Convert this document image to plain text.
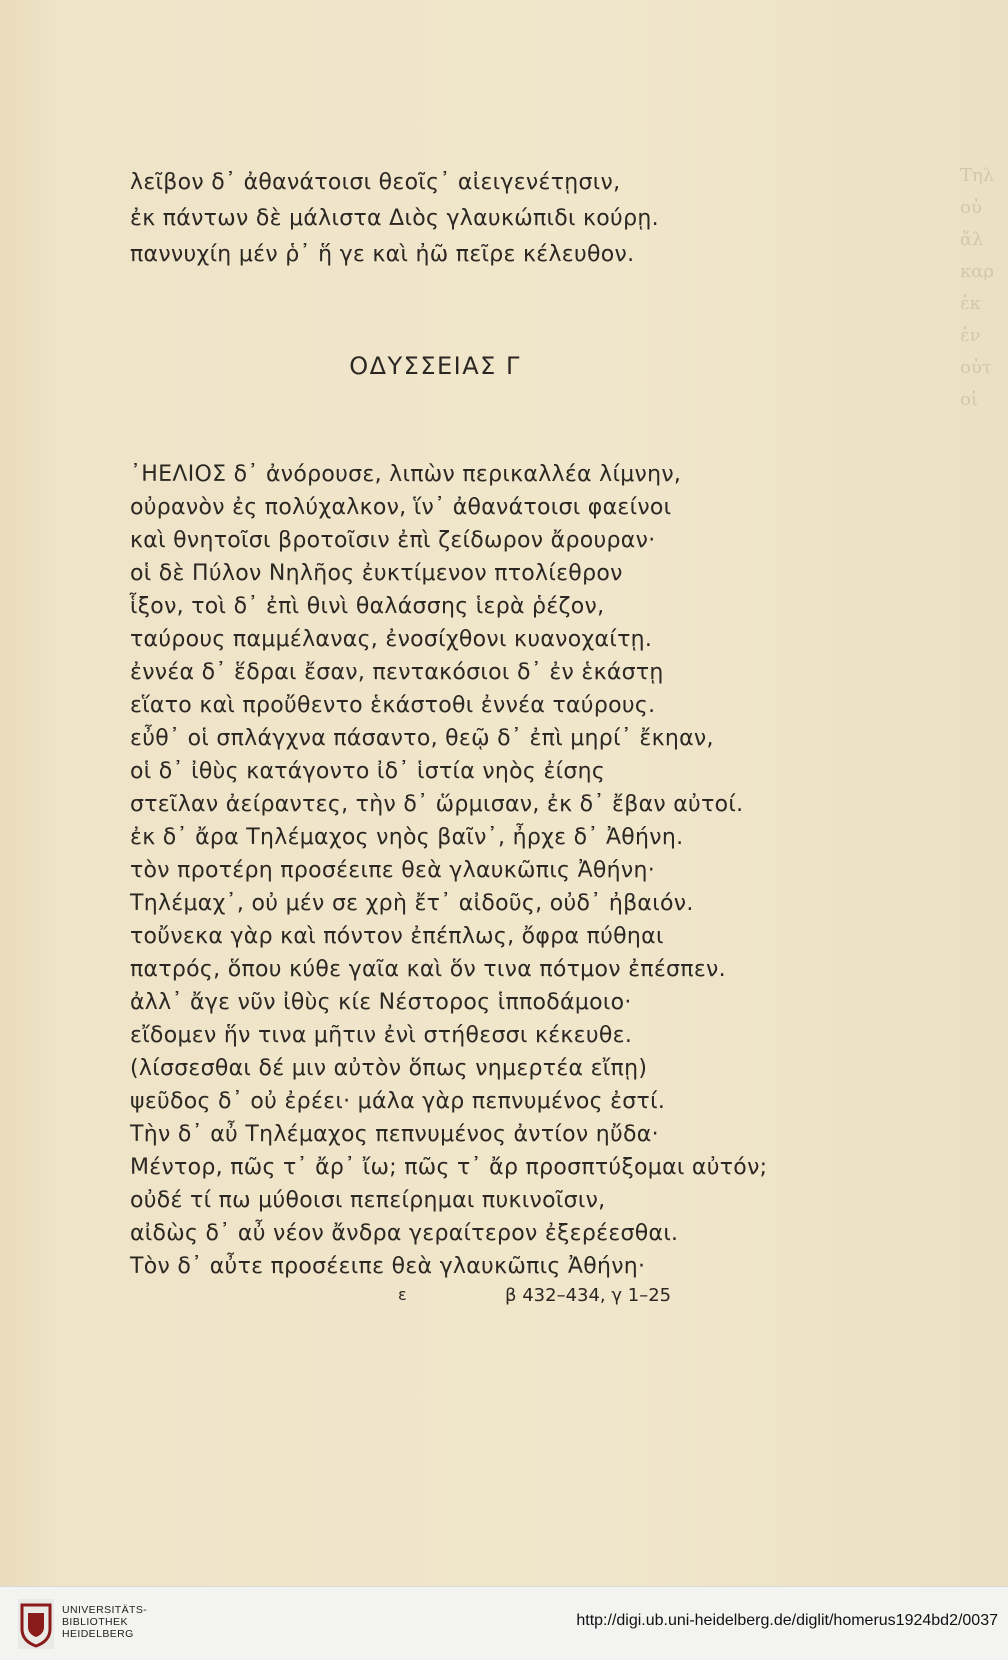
Τηλ
οὐ
ἄλ
καρ
ἐκ
ἐν
οὐτ
οἱ

λεῖβον δ᾿ ἀθανάτοισι θεοῖς᾿ αἰειγενέτῃσιν,

ἐκ πάντων δὲ μάλιστα Διὸς γλαυκώπιδι κούρῃ.

παννυχίη μέν ῥ᾿ ἥ γε καὶ ἠῶ πεῖρε κέλευθον.

ΟΔΥΣΣΕΙΑΣ Γ

᾿ΗΕΛΙΟΣ δ᾿ ἀνόρουσε, λιπὼν περικαλλέα λίμνην,

οὐρανὸν ἐς πολύχαλκον, ἵν᾿ ἀθανάτοισι φαείνοι

καὶ θνητοῖσι βροτοῖσιν ἐπὶ ζείδωρον ἄρουραν·

οἱ δὲ Πύλον Νηλῆος ἐυκτίμενον πτολίεθρον

ἷξον, τοὶ δ᾿ ἐπὶ θινὶ θαλάσσης ἱερὰ ῥέζον,

ταύρους παμμέλανας, ἐνοσίχθονι κυανοχαίτῃ.

ἐννέα δ᾿ ἕδραι ἔσαν, πεντακόσιοι δ᾿ ἐν ἑκάστῃ

εἵατο καὶ προὔθεντο ἑκάστοθι ἐννέα ταύρους.

εὖθ᾿ οἱ σπλάγχνα πάσαντο, θεῷ δ᾿ ἐπὶ μηρί᾿ ἔκηαν,

οἱ δ᾿ ἰθὺς κατάγοντο ἰδ᾿ ἱστία νηὸς ἐίσης

στεῖλαν ἀείραντες, τὴν δ᾿ ὥρμισαν, ἐκ δ᾿ ἔβαν αὐτοί.

ἐκ δ᾿ ἄρα Τηλέμαχος νηὸς βαῖν᾿, ἦρχε δ᾿ Ἀθήνη.

τὸν προτέρη προσέειπε θεὰ γλαυκῶπις Ἀθήνη·

Τηλέμαχ᾿, οὐ μέν σε χρὴ ἔτ᾿ αἰδοῦς, οὐδ᾿ ἠβαιόν.

τοὔνεκα γὰρ καὶ πόντον ἐπέπλως, ὄφρα πύθηαι

πατρός, ὅπου κύθε γαῖα καὶ ὅν τινα πότμον ἐπέσπεν.

ἀλλ᾿ ἄγε νῦν ἰθὺς κίε Νέστορος ἱπποδάμοιο·

εἴδομεν ἥν τινα μῆτιν ἐνὶ στήθεσσι κέκευθε.

(λίσσεσθαι δέ μιν αὐτὸν ὅπως νημερτέα εἴπῃ)

ψεῦδος δ᾿ οὐ ἐρέει· μάλα γὰρ πεπνυμένος ἐστί.

Τὴν δ᾿ αὖ Τηλέμαχος πεπνυμένος ἀντίον ηὔδα·

Μέντορ, πῶς τ᾿ ἄρ᾿ ἴω; πῶς τ᾿ ἄρ προσπτύξομαι αὐτόν;

οὐδέ τί πω μύθοισι πεπείρημαι πυκινοῖσιν,

αἰδὼς δ᾿ αὖ νέον ἄνδρα γεραίτερον ἐξερέεσθαι.

Τὸν δ᾿ αὖτε προσέειπε θεὰ γλαυκῶπις Ἀθήνη·

ε	β 432–434, γ 1–25
UNIVERSITÄTS-
BIBLIOTHEK
HEIDELBERG
http://digi.ub.uni-heidelberg.de/diglit/homerus1924bd2/0037
